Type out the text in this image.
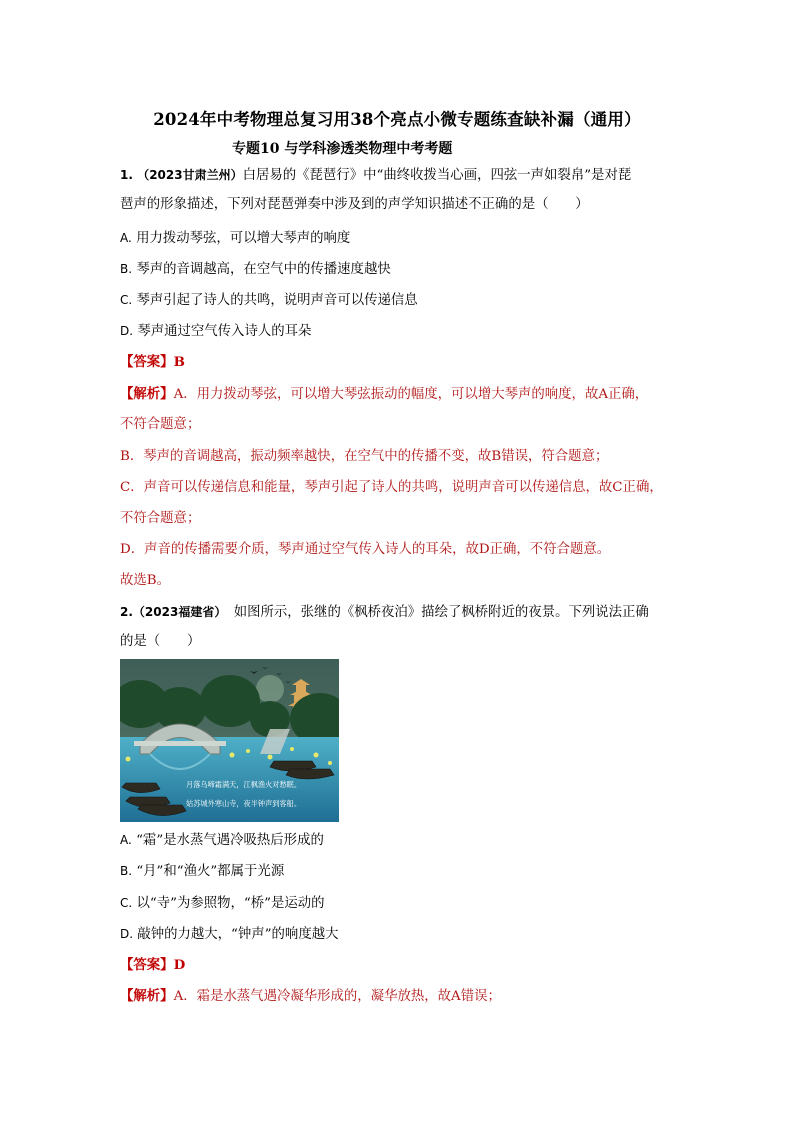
2024年中考物理总复习用38个亮点小微专题练查缺补漏（通用）
专题10 与学科渗透类物理中考考题
1. （2023甘肃兰州）白居易的《琵琶行》中“曲终收拨当心画，四弦一声如裂帛”是对琵
琶声的形象描述，下列对琵琶弹奏中涉及到的声学知识描述不正确的是（　　）
A. 用力拨动琴弦，可以增大琴声的响度
B. 琴声的音调越高，在空气中的传播速度越快
C. 琴声引起了诗人的共鸣，说明声音可以传递信息
D. 琴声通过空气传入诗人的耳朵
【答案】B
【解析】A．用力拨动琴弦，可以增大琴弦振动的幅度，可以增大琴声的响度，故A正确，
不符合题意；
B．琴声的音调越高，振动频率越快，在空气中的传播不变，故B错误，符合题意；
C．声音可以传递信息和能量，琴声引起了诗人的共鸣，说明声音可以传递信息，故C正确，
不符合题意；
D．声音的传播需要介质，琴声通过空气传入诗人的耳朵，故D正确，不符合题意。
故选B。
2.（2023福建省）　 如图所示，张继的《枫桥夜泊》描绘了枫桥附近的夜景。下列说法正确
的是（　　）
月落乌啼霜满天，江枫渔火对愁眠。
姑苏城外寒山寺，夜半钟声到客船。
A. “霜”是水蒸气遇冷吸热后形成的
B. “月”和“渔火”都属于光源
C. 以“寺”为参照物，“桥”是运动的
D. 敲钟的力越大，“钟声”的响度越大
【答案】D
【解析】A．霜是水蒸气遇冷凝华形成的，凝华放热，故A错误；
